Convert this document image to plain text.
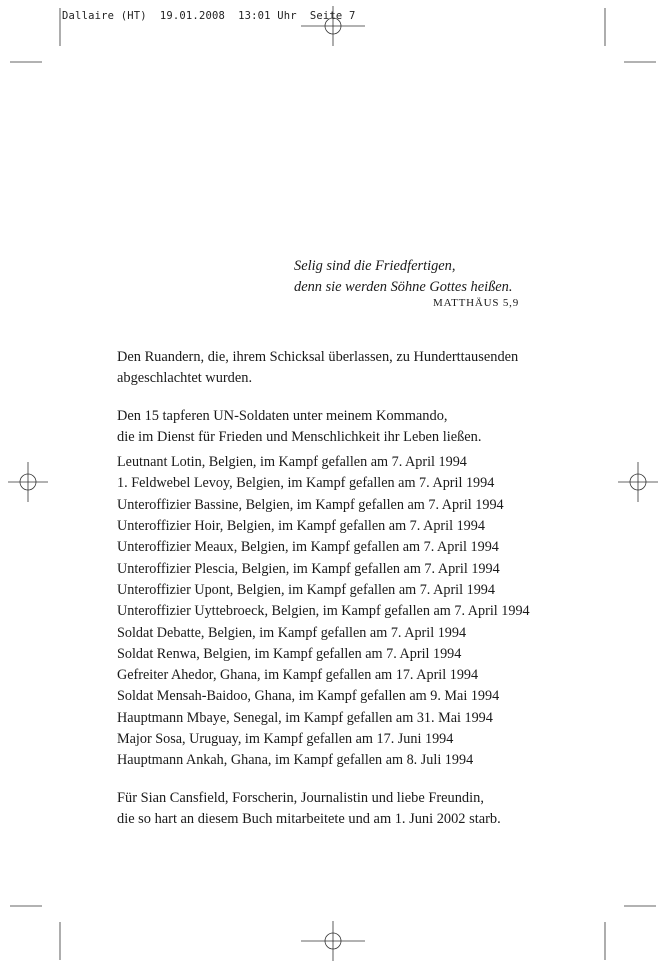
Dallaire (HT)  19.01.2008  13:01 Uhr  Seite 7
Selig sind die Friedfertigen,
denn sie werden Söhne Gottes heißen.
MATTHÄUS 5,9

Den Ruandern, die, ihrem Schicksal überlassen, zu Hunderttausenden
abgeschlachtet wurden.

Den 15 tapferen UN-Soldaten unter meinem Kommando,
die im Dienst für Frieden und Menschlichkeit ihr Leben ließen.

Leutnant Lotin, Belgien, im Kampf gefallen am 7. April 1994
1. Feldwebel Levoy, Belgien, im Kampf gefallen am 7. April 1994
Unteroffizier Bassine, Belgien, im Kampf gefallen am 7. April 1994
Unteroffizier Hoir, Belgien, im Kampf gefallen am 7. April 1994
Unteroffizier Meaux, Belgien, im Kampf gefallen am 7. April 1994
Unteroffizier Plescia, Belgien, im Kampf gefallen am 7. April 1994
Unteroffizier Upont, Belgien, im Kampf gefallen am 7. April 1994
Unteroffizier Uyttebroeck, Belgien, im Kampf gefallen am 7. April 1994
Soldat Debatte, Belgien, im Kampf gefallen am 7. April 1994
Soldat Renwa, Belgien, im Kampf gefallen am 7. April 1994
Gefreiter Ahedor, Ghana, im Kampf gefallen am 17. April 1994
Soldat Mensah-Baidoo, Ghana, im Kampf gefallen am 9. Mai 1994
Hauptmann Mbaye, Senegal, im Kampf gefallen am 31. Mai 1994
Major Sosa, Uruguay, im Kampf gefallen am 17. Juni 1994
Hauptmann Ankah, Ghana, im Kampf gefallen am 8. Juli 1994

Für Sian Cansfield, Forscherin, Journalistin und liebe Freundin,
die so hart an diesem Buch mitarbeitete und am 1. Juni 2002 starb.
